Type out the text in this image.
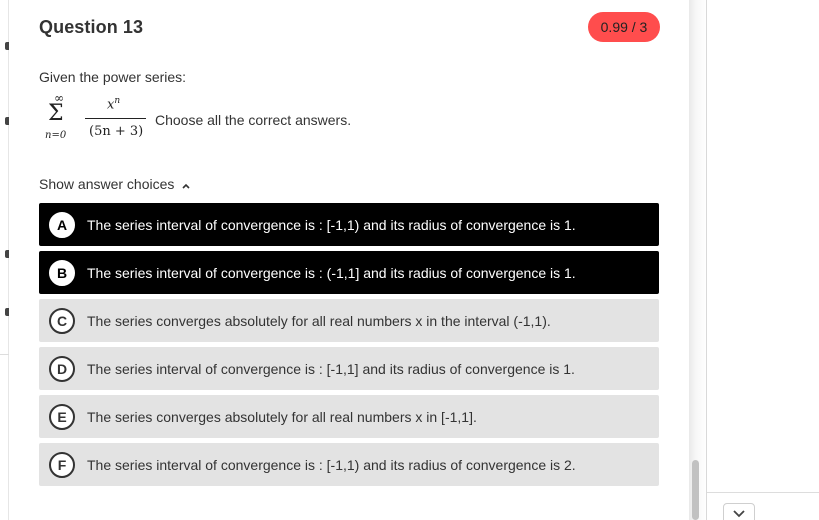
Question 13	0.99 / 3
Given the power series:
∞
Σ
n=0
$x^n$
(5n + 3)
Choose all the correct answers.
Show answer choices
A	The series interval of convergence is : [-1,1) and its radius of convergence is 1.
B	The series interval of convergence is : (-1,1] and its radius of convergence is 1.
C	The series converges absolutely for all real numbers x in the interval (-1,1).
D	The series interval of convergence is : [-1,1] and its radius of convergence is 1.
E	The series converges absolutely for all real numbers x in [-1,1].
F	The series interval of convergence is : [-1,1) and its radius of convergence is 2.
